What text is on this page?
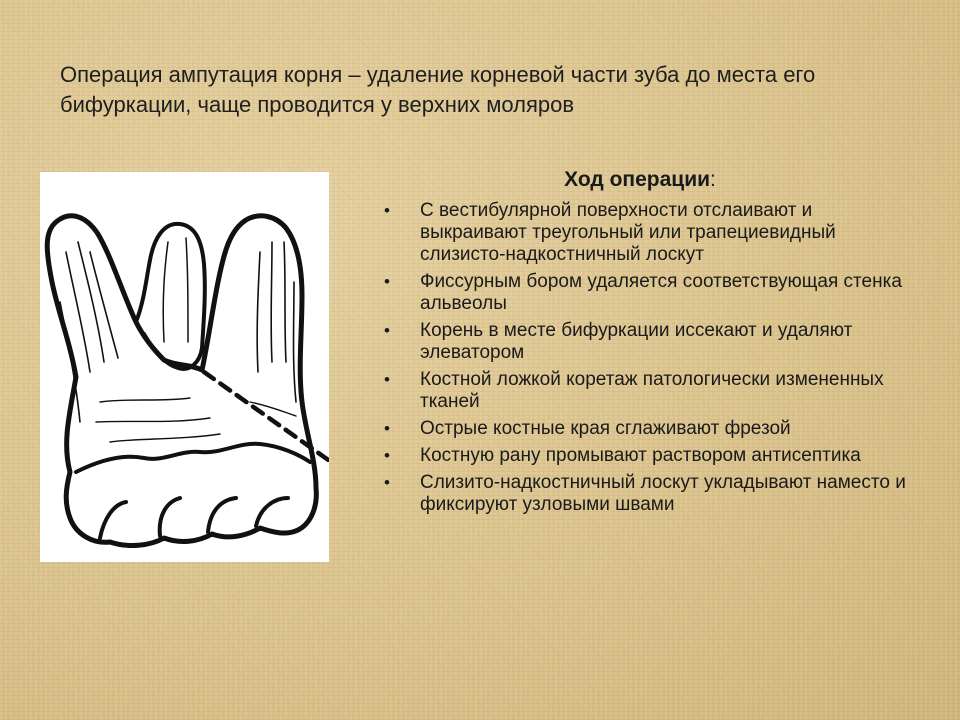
Операция ампутация корня – удаление корневой части зуба до места его бифуркации, чаще проводится у верхних моляров

Ход операции:
• С вестибулярной поверхности отслаивают и выкраивают треугольный или трапециевидный слизисто-надкостничный лоскут
• Фиссурным бором удаляется соответствующая стенка альвеолы
• Корень в месте бифуркации иссекают и удаляют элеватором
• Костной ложкой коретаж патологически измененных тканей
• Острые костные края сглаживают фрезой
• Костную рану промывают раствором антисептика
• Слизито-надкостничный лоскут укладывают наместо и фиксируют узловыми швами
